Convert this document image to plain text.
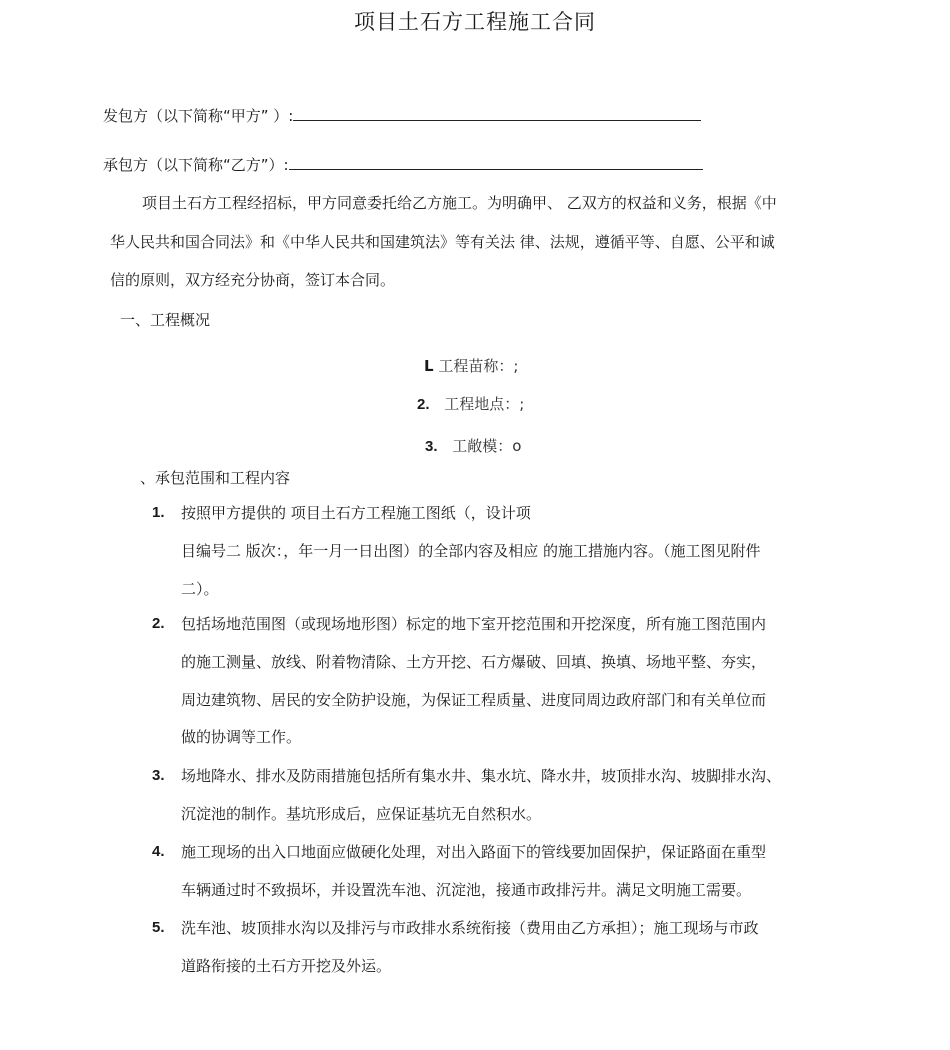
项目土石方工程施工合同
发包方（以下简称“甲方” ）:
承包方（以下简称“乙方”）:
项目土石方工程经招标，甲方同意委托给乙方施工。为明确甲、 乙双方的权益和义务，根据《中
华人民共和国合同法》和《中华人民共和国建筑法》等有关法 律、法规，遵循平等、自愿、公平和诚
信的原则，双方经充分协商，签订本合同。
一、工程概况
L 工程苗称：;
2. 工程地点：;
3. 工敞模：o
、承包范围和工程内容
1. 按照甲方提供的 项目土石方工程施工图纸（，设计项
目编号二 版次：，年一月一日出图）的全部内容及相应 的施工措施内容。（施工图见附件
二）。
2. 包括场地范围图（或现场地形图）标定的地下室开挖范围和开挖深度，所有施工图范围内
的施工测量、放线、附着物清除、土方开挖、石方爆破、回填、换填、场地平整、夯实，
周边建筑物、居民的安全防护设施，为保证工程质量、进度同周边政府部门和有关单位而
做的协调等工作。
3. 场地降水、排水及防雨措施包括所有集水井、集水坑、降水井，坡顶排水沟、坡脚排水沟、
沉淀池的制作。基坑形成后，应保证基坑无自然积水。
4. 施工现场的出入口地面应做硬化处理，对出入路面下的管线要加固保护，保证路面在重型
车辆通过时不致损坏，并设置洗车池、沉淀池，接通市政排污井。满足文明施工需要。
5. 洗车池、坡顶排水沟以及排污与市政排水系统衔接（费用由乙方承担）；施工现场与市政
道路衔接的土石方开挖及外运。
